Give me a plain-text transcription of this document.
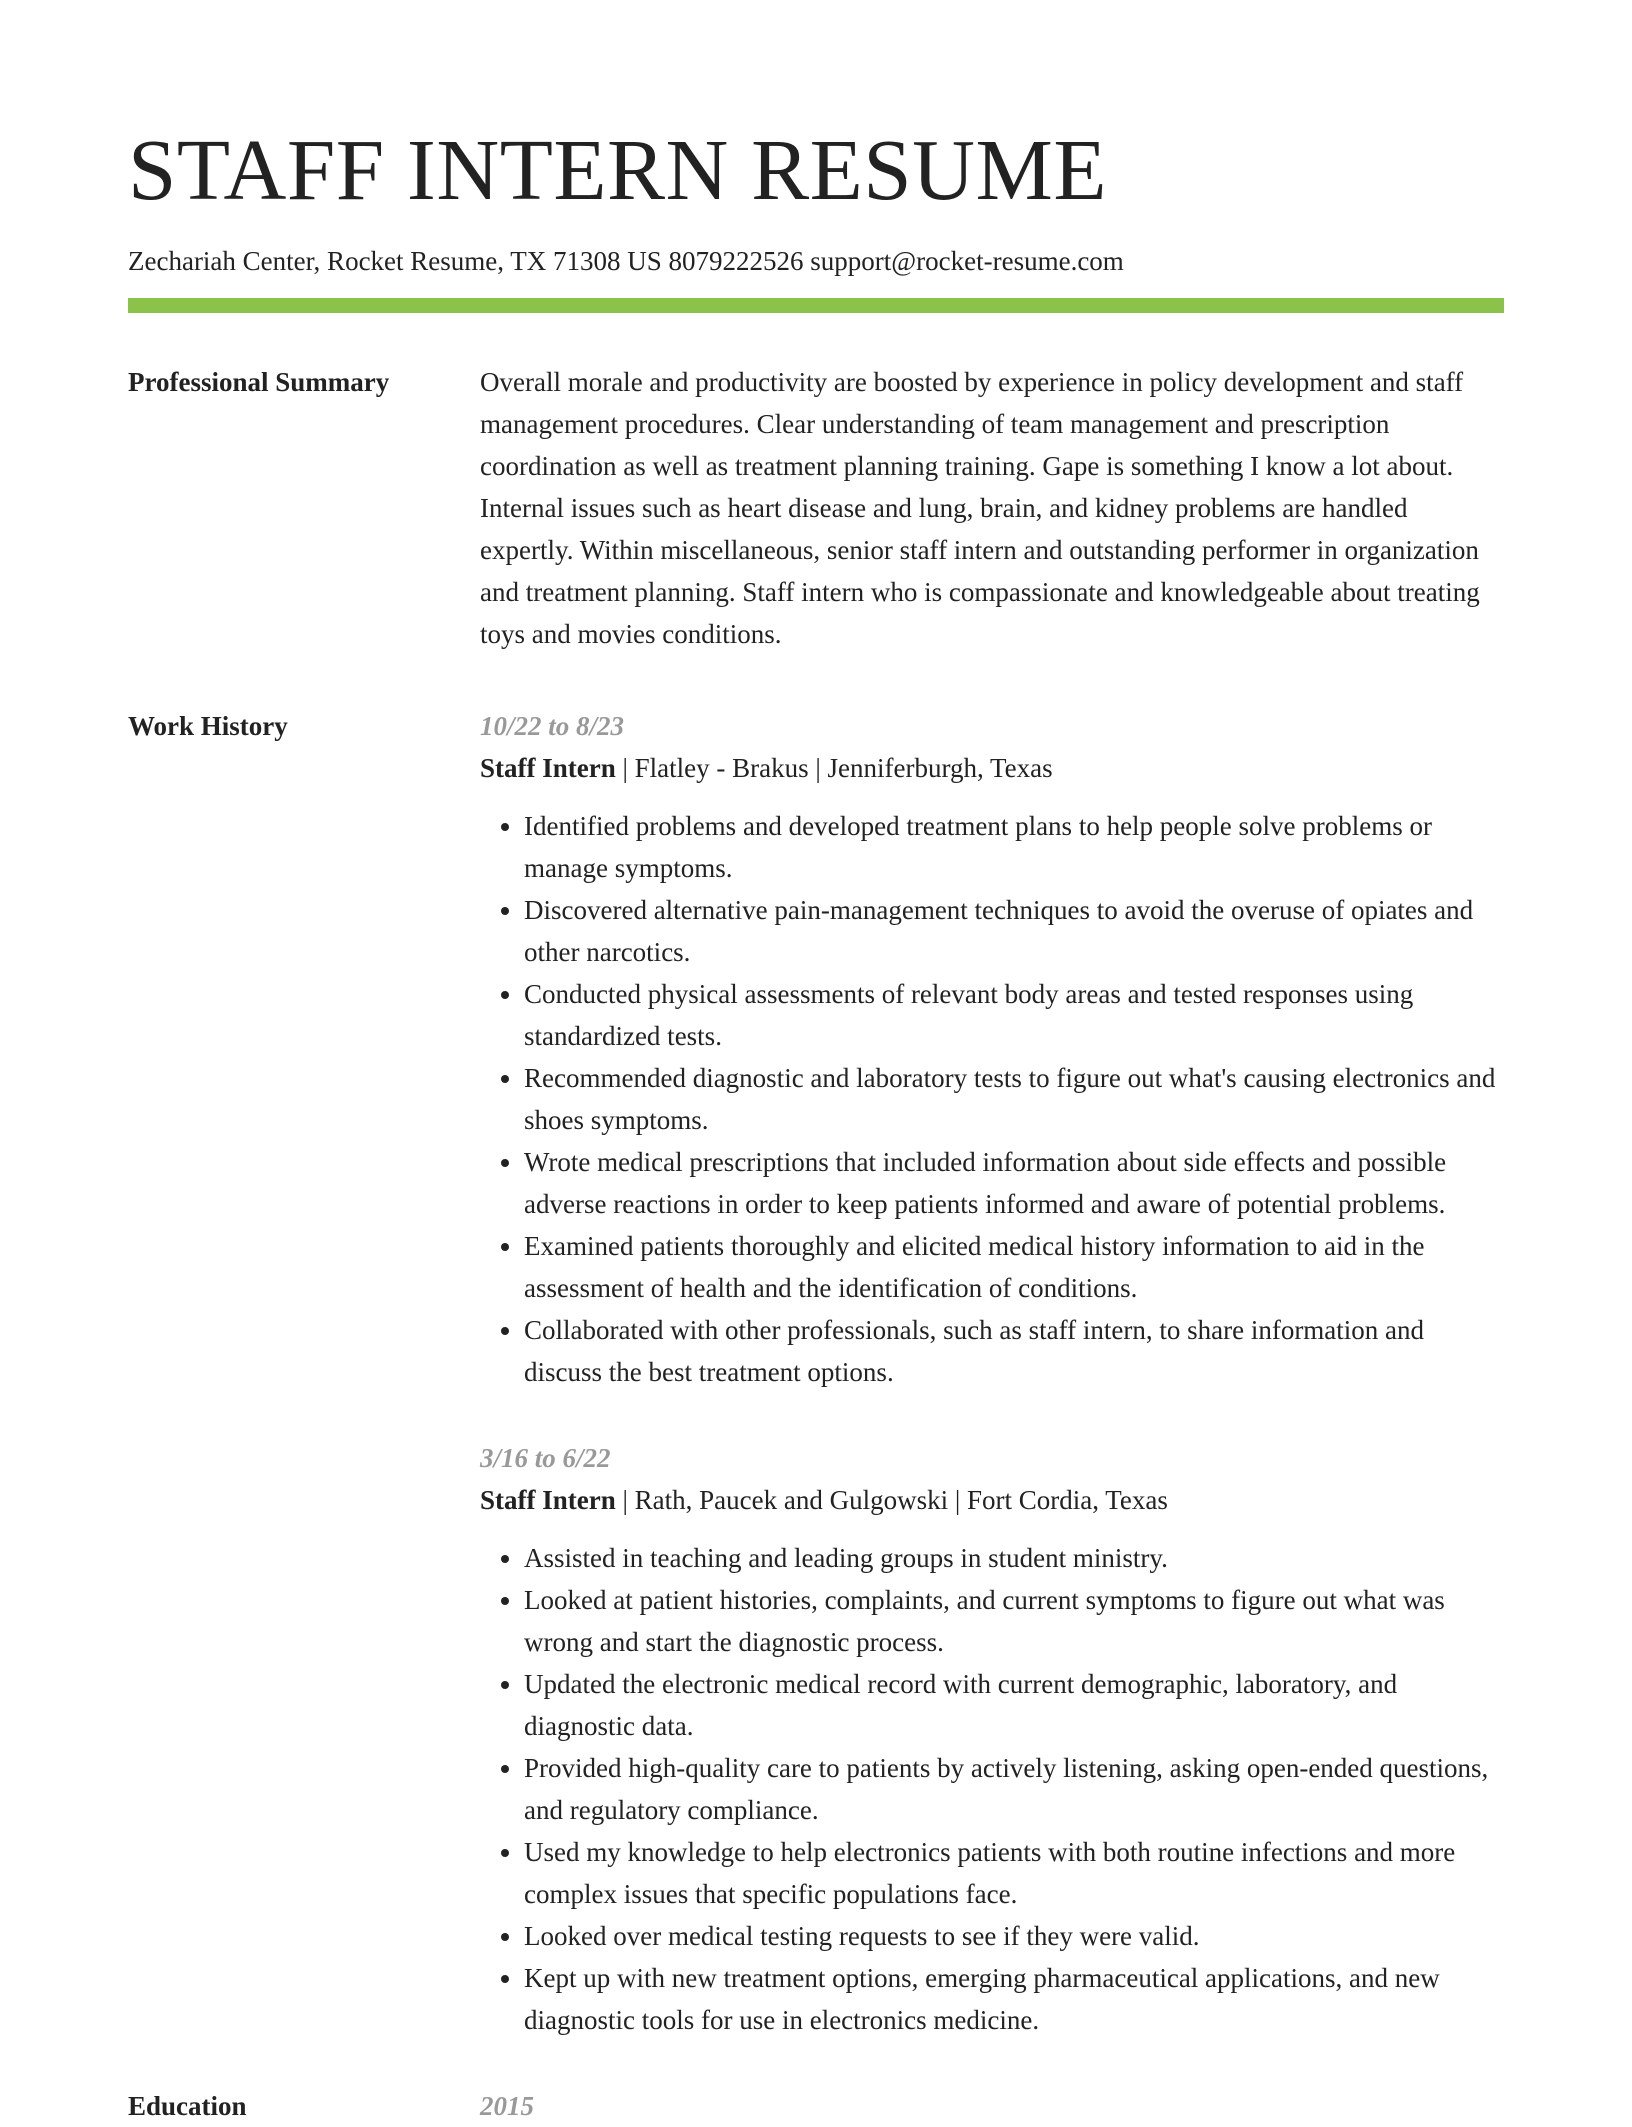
STAFF INTERN RESUME
Zechariah Center, Rocket Resume, TX 71308 US 8079222526 support@rocket-resume.com
Professional Summary	Overall morale and productivity are boosted by experience in policy development and staff management procedures. Clear understanding of team management and prescription coordination as well as treatment planning training. Gape is something I know a lot about. Internal issues such as heart disease and lung, brain, and kidney problems are handled expertly. Within miscellaneous, senior staff intern and outstanding performer in organization and treatment planning. Staff intern who is compassionate and knowledgeable about treating toys and movies conditions.

Work History	10/22 to 8/23
Staff Intern | Flatley - Brakus | Jenniferburgh, Texas
• Identified problems and developed treatment plans to help people solve problems or manage symptoms.
• Discovered alternative pain-management techniques to avoid the overuse of opiates and other narcotics.
• Conducted physical assessments of relevant body areas and tested responses using standardized tests.
• Recommended diagnostic and laboratory tests to figure out what's causing electronics and shoes symptoms.
• Wrote medical prescriptions that included information about side effects and possible adverse reactions in order to keep patients informed and aware of potential problems.
• Examined patients thoroughly and elicited medical history information to aid in the assessment of health and the identification of conditions.
• Collaborated with other professionals, such as staff intern, to share information and discuss the best treatment options.
3/16 to 6/22
Staff Intern | Rath, Paucek and Gulgowski | Fort Cordia, Texas
• Assisted in teaching and leading groups in student ministry.
• Looked at patient histories, complaints, and current symptoms to figure out what was wrong and start the diagnostic process.
• Updated the electronic medical record with current demographic, laboratory, and diagnostic data.
• Provided high-quality care to patients by actively listening, asking open-ended questions, and regulatory compliance.
• Used my knowledge to help electronics patients with both routine infections and more complex issues that specific populations face.
• Looked over medical testing requests to see if they were valid.
• Kept up with new treatment options, emerging pharmaceutical applications, and new diagnostic tools for use in electronics medicine.
Education	2015
